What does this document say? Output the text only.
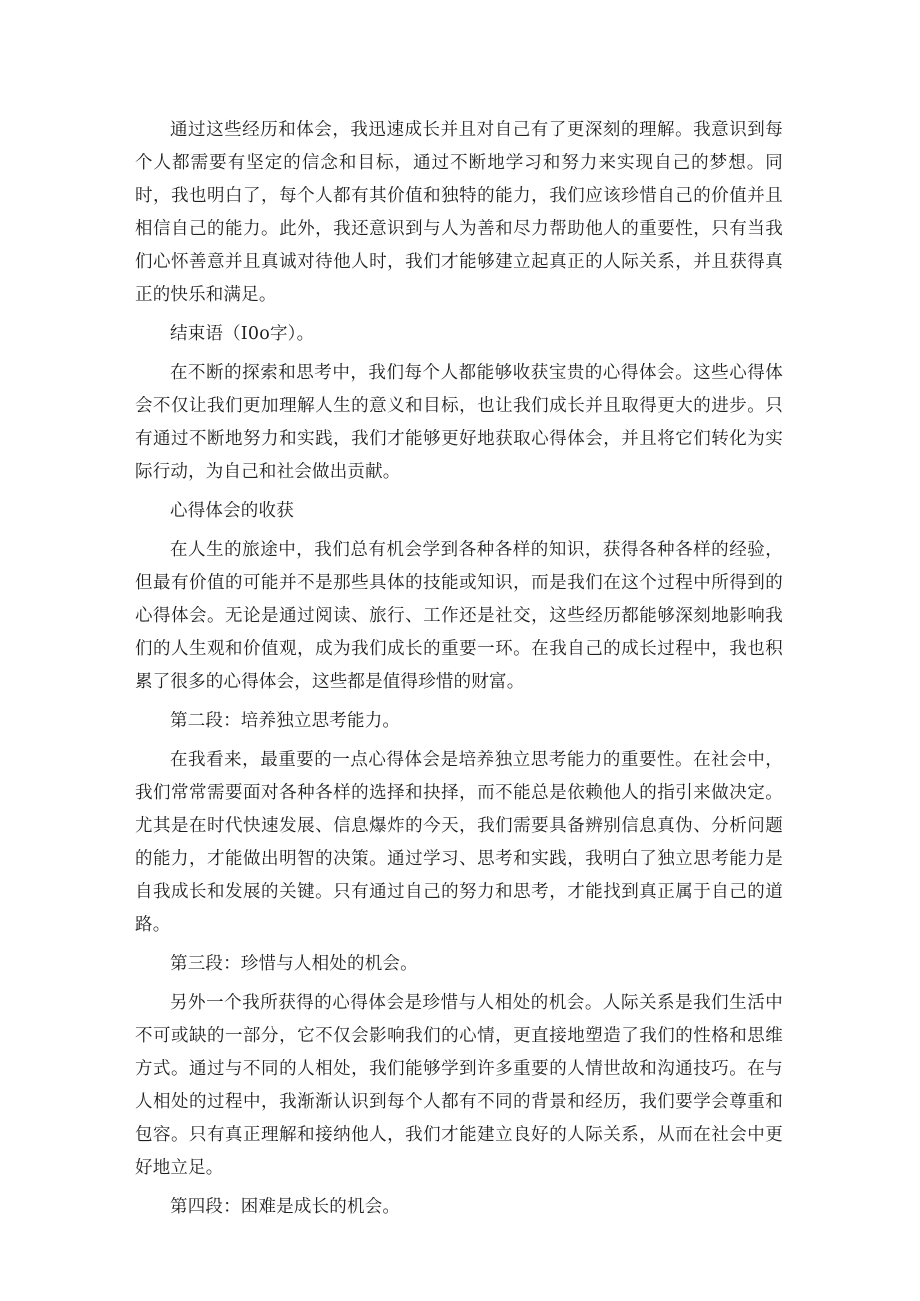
通过这些经历和体会，我迅速成长并且对自己有了更深刻的理解。我意识到每个人都需要有坚定的信念和目标，通过不断地学习和努力来实现自己的梦想。同时，我也明白了，每个人都有其价值和独特的能力，我们应该珍惜自己的价值并且相信自己的能力。此外，我还意识到与人为善和尽力帮助他人的重要性，只有当我们心怀善意并且真诚对待他人时，我们才能够建立起真正的人际关系，并且获得真正的快乐和满足。

结束语（I0o字）。

在不断的探索和思考中，我们每个人都能够收获宝贵的心得体会。这些心得体会不仅让我们更加理解人生的意义和目标，也让我们成长并且取得更大的进步。只有通过不断地努力和实践，我们才能够更好地获取心得体会，并且将它们转化为实际行动，为自己和社会做出贡献。

心得体会的收获

在人生的旅途中，我们总有机会学到各种各样的知识，获得各种各样的经验，但最有价值的可能并不是那些具体的技能或知识，而是我们在这个过程中所得到的心得体会。无论是通过阅读、旅行、工作还是社交，这些经历都能够深刻地影响我们的人生观和价值观，成为我们成长的重要一环。在我自己的成长过程中，我也积累了很多的心得体会，这些都是值得珍惜的财富。

第二段：培养独立思考能力。

在我看来，最重要的一点心得体会是培养独立思考能力的重要性。在社会中，我们常常需要面对各种各样的选择和抉择，而不能总是依赖他人的指引来做决定。尤其是在时代快速发展、信息爆炸的今天，我们需要具备辨别信息真伪、分析问题的能力，才能做出明智的决策。通过学习、思考和实践，我明白了独立思考能力是自我成长和发展的关键。只有通过自己的努力和思考，才能找到真正属于自己的道路。

第三段：珍惜与人相处的机会。

另外一个我所获得的心得体会是珍惜与人相处的机会。人际关系是我们生活中不可或缺的一部分，它不仅会影响我们的心情，更直接地塑造了我们的性格和思维方式。通过与不同的人相处，我们能够学到许多重要的人情世故和沟通技巧。在与人相处的过程中，我渐渐认识到每个人都有不同的背景和经历，我们要学会尊重和包容。只有真正理解和接纳他人，我们才能建立良好的人际关系，从而在社会中更好地立足。

第四段：困难是成长的机会。
